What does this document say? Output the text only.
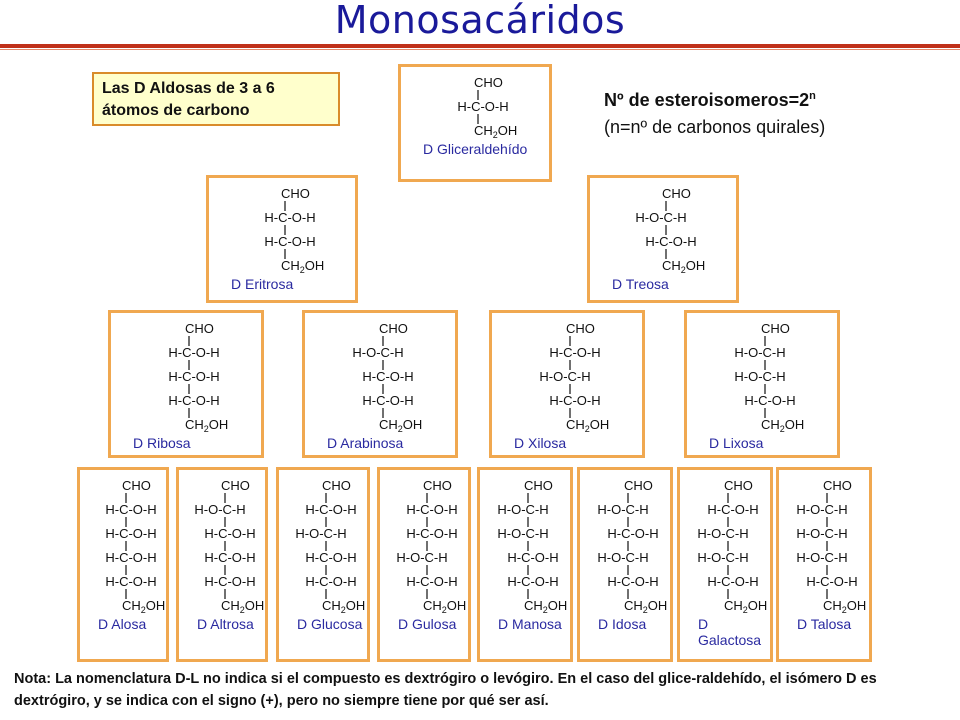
Monosacáridos
Las D Aldosas de 3 a 6 átomos de carbono
Nº de $esteroisomeros=2^n$
(n=nº de carbonos quirales)
CHO
H-C-O-H
$CH_2OH$
D Gliceraldehído
CHO
H-C-O-H
H-C-O-H
$CH_2OH$
D Eritrosa
CHO
H-O-C-H
H-C-O-H
$CH_2OH$
D Treosa
CHO
H-C-O-H
H-C-O-H
H-C-O-H
$CH_2OH$
D Ribosa
CHO
H-O-C-H
H-C-O-H
H-C-O-H
$CH_2OH$
D Arabinosa
CHO
H-C-O-H
H-O-C-H
H-C-O-H
$CH_2OH$
D Xilosa
CHO
H-O-C-H
H-O-C-H
H-C-O-H
$CH_2OH$
D Lixosa
CHO
H-C-O-H
H-C-O-H
H-C-O-H
H-C-O-H
$CH_2OH$
D Alosa
CHO
H-O-C-H
H-C-O-H
H-C-O-H
H-C-O-H
$CH_2OH$
D Altrosa
CHO
H-C-O-H
H-O-C-H
H-C-O-H
H-C-O-H
$CH_2OH$
D Glucosa
CHO
H-C-O-H
H-C-O-H
H-O-C-H
H-C-O-H
$CH_2OH$
D Gulosa
CHO
H-O-C-H
H-O-C-H
H-C-O-H
H-C-O-H
$CH_2OH$
D Manosa
CHO
H-O-C-H
H-C-O-H
H-O-C-H
H-C-O-H
$CH_2OH$
D Idosa
CHO
H-C-O-H
H-O-C-H
H-O-C-H
H-C-O-H
$CH_2OH$
D Galactosa
CHO
H-O-C-H
H-O-C-H
H-O-C-H
H-C-O-H
$CH_2OH$
D Talosa
Nota: La nomenclatura D-L no indica si el compuesto es dextrógiro o levógiro. En el caso del glice-raldehído, el isómero D es dextrógiro, y se indica con el signo (+), pero no siempre tiene por qué ser así.
